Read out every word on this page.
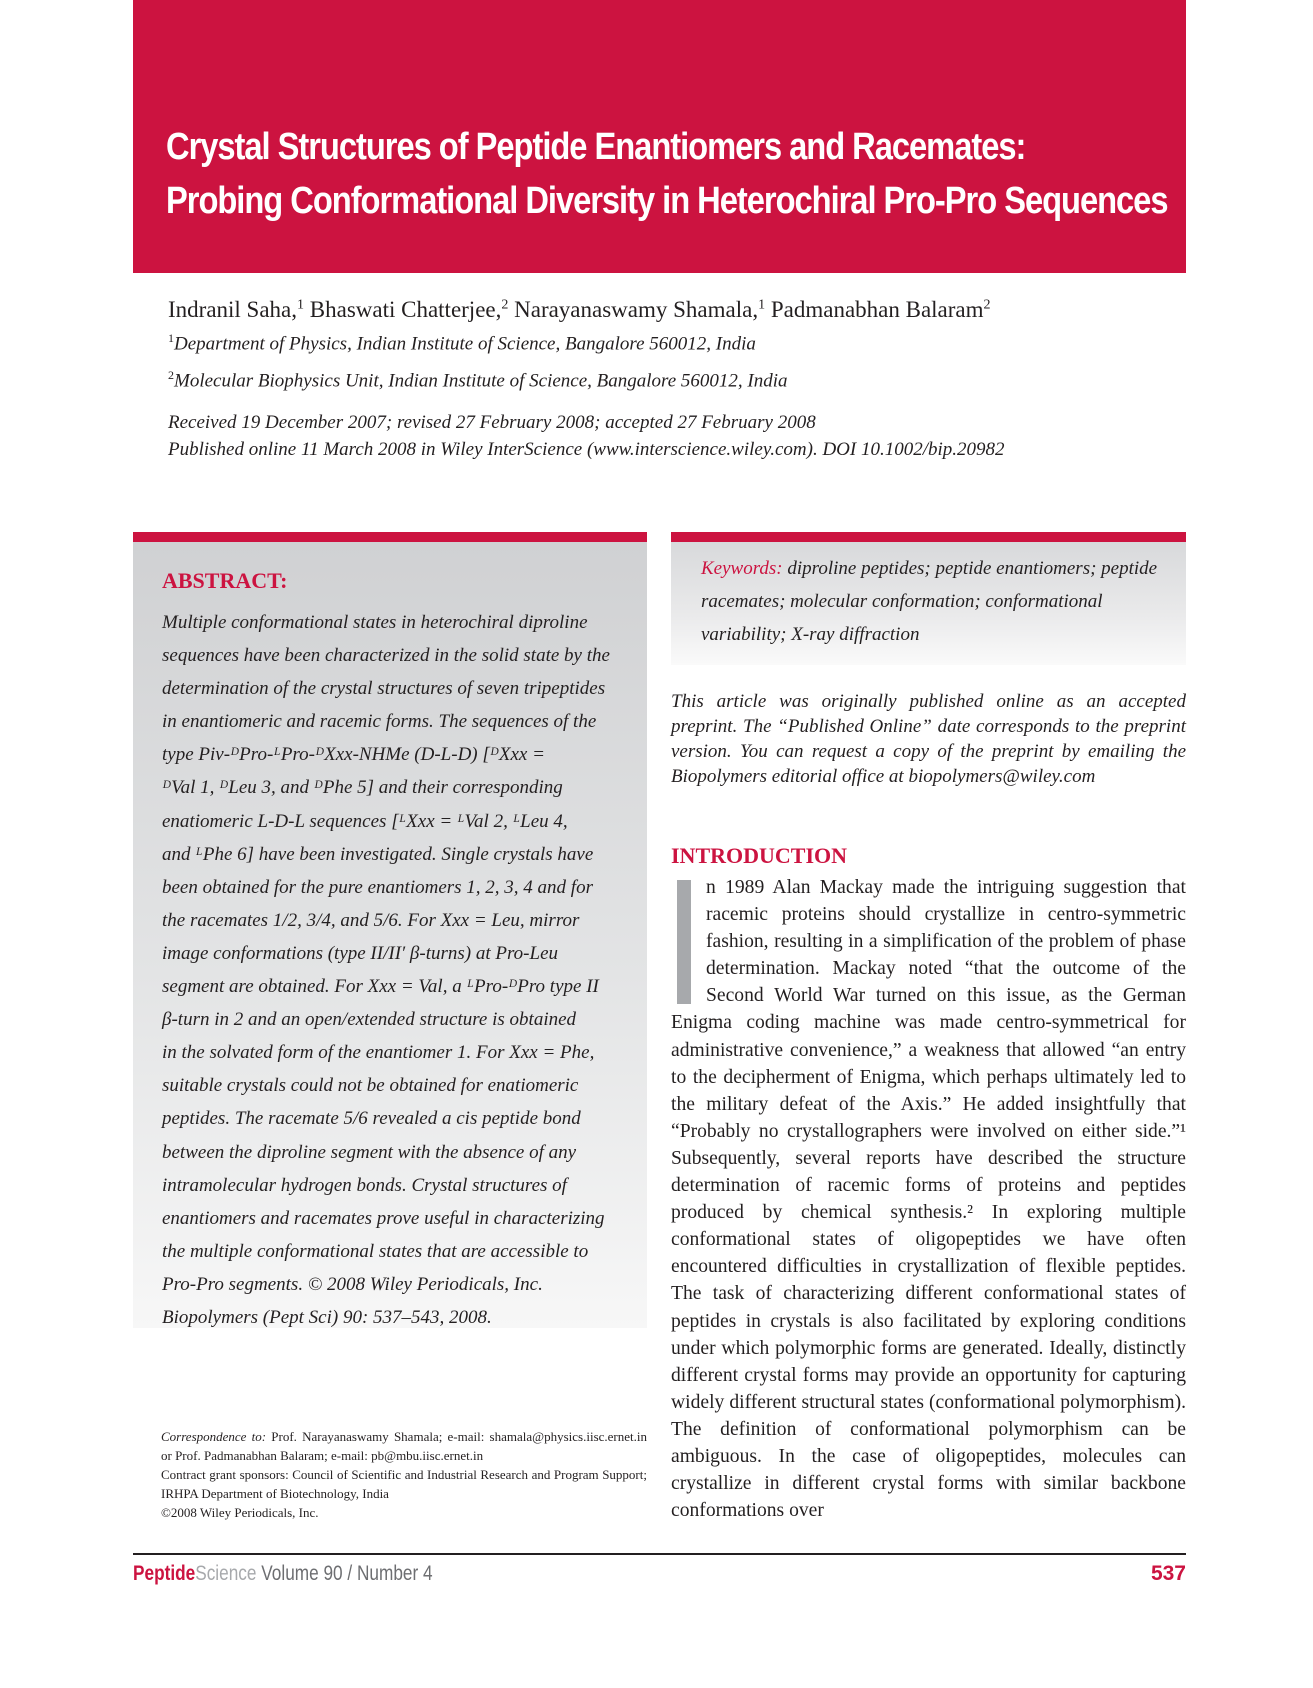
Crystal Structures of Peptide Enantiomers and Racemates:
Probing Conformational Diversity in Heterochiral Pro-Pro Sequences
Indranil Saha,$^1$ Bhaswati Chatterjee,$^2$ Narayanaswamy Shamala,$^1$ Padmanabhan Balaram$^2$
$^1$Department of Physics, Indian Institute of Science, Bangalore 560012, India
$^2$Molecular Biophysics Unit, Indian Institute of Science, Bangalore 560012, India
Received 19 December 2007; revised 27 February 2008; accepted 27 February 2008
Published online 11 March 2008 in Wiley InterScience (www.interscience.wiley.com). DOI 10.1002/bip.20982
ABSTRACT:
Multiple conformational states in heterochiral diproline
sequences have been characterized in the solid state by the
determination of the crystal structures of seven tripeptides
in enantiomeric and racemic forms. The sequences of the
type Piv-ᴰPro-ᴸPro-ᴰXxx-NHMe (D-L-D) [ᴰXxx =
ᴰVal 1, ᴰLeu 3, and ᴰPhe 5] and their corresponding
enatiomeric L-D-L sequences [ᴸXxx = ᴸVal 2, ᴸLeu 4,
and ᴸPhe 6] have been investigated. Single crystals have
been obtained for the pure enantiomers 1, 2, 3, 4 and for
the racemates 1/2, 3/4, and 5/6. For Xxx = Leu, mirror
image conformations (type II/II′ β-turns) at Pro-Leu
segment are obtained. For Xxx = Val, a ᴸPro-ᴰPro type II
β-turn in 2 and an open/extended structure is obtained
in the solvated form of the enantiomer 1. For Xxx = Phe,
suitable crystals could not be obtained for enatiomeric
peptides. The racemate 5/6 revealed a cis peptide bond
between the diproline segment with the absence of any
intramolecular hydrogen bonds. Crystal structures of
enantiomers and racemates prove useful in characterizing
the multiple conformational states that are accessible to
Pro-Pro segments. © 2008 Wiley Periodicals, Inc.
Biopolymers (Pept Sci) 90: 537–543, 2008.

Keywords: diproline peptides; peptide enantiomers; peptide racemates; molecular conformation; conformational variability; X-ray diffraction

This article was originally published online as an accepted preprint. The “Published Online” date corresponds to the preprint version. You can request a copy of the preprint by emailing the Biopolymers editorial office at biopolymers@wiley.com

INTRODUCTION

n 1989 Alan Mackay made the intriguing suggestion that racemic proteins should crystallize in centro-symmetric fashion, resulting in a simplification of the problem of phase determination. Mackay noted “that the outcome of the Second World War turned on this issue, as the German Enigma coding machine was made centro-symmetrical for administrative convenience,” a weakness that allowed “an entry to the decipherment of Enigma, which perhaps ultimately led to the military defeat of the Axis.” He added insightfully that “Probably no crystallographers were involved on either side.”¹ Subsequently, several reports have described the structure determination of racemic forms of proteins and peptides produced by chemical synthesis.² In exploring multiple conformational states of oligopeptides we have often encountered difficulties in crystallization of flexible peptides. The task of characterizing different conformational states of peptides in crystals is also facilitated by exploring conditions under which polymorphic forms are generated. Ideally, distinctly different crystal forms may provide an opportunity for capturing widely different structural states (conformational polymorphism). The definition of conformational polymorphism can be ambiguous. In the case of oligopeptides, molecules can crystallize in different crystal forms with similar backbone conformations over

Correspondence to: Prof. Narayanaswamy Shamala; e-mail: shamala@physics.iisc.ernet.in or Prof. Padmanabhan Balaram; e-mail: pb@mbu.iisc.ernet.in
Contract grant sponsors: Council of Scientific and Industrial Research and Program Support; IRHPA Department of Biotechnology, India
©2008 Wiley Periodicals, Inc.

PeptideScience Volume 90 / Number 4	537
